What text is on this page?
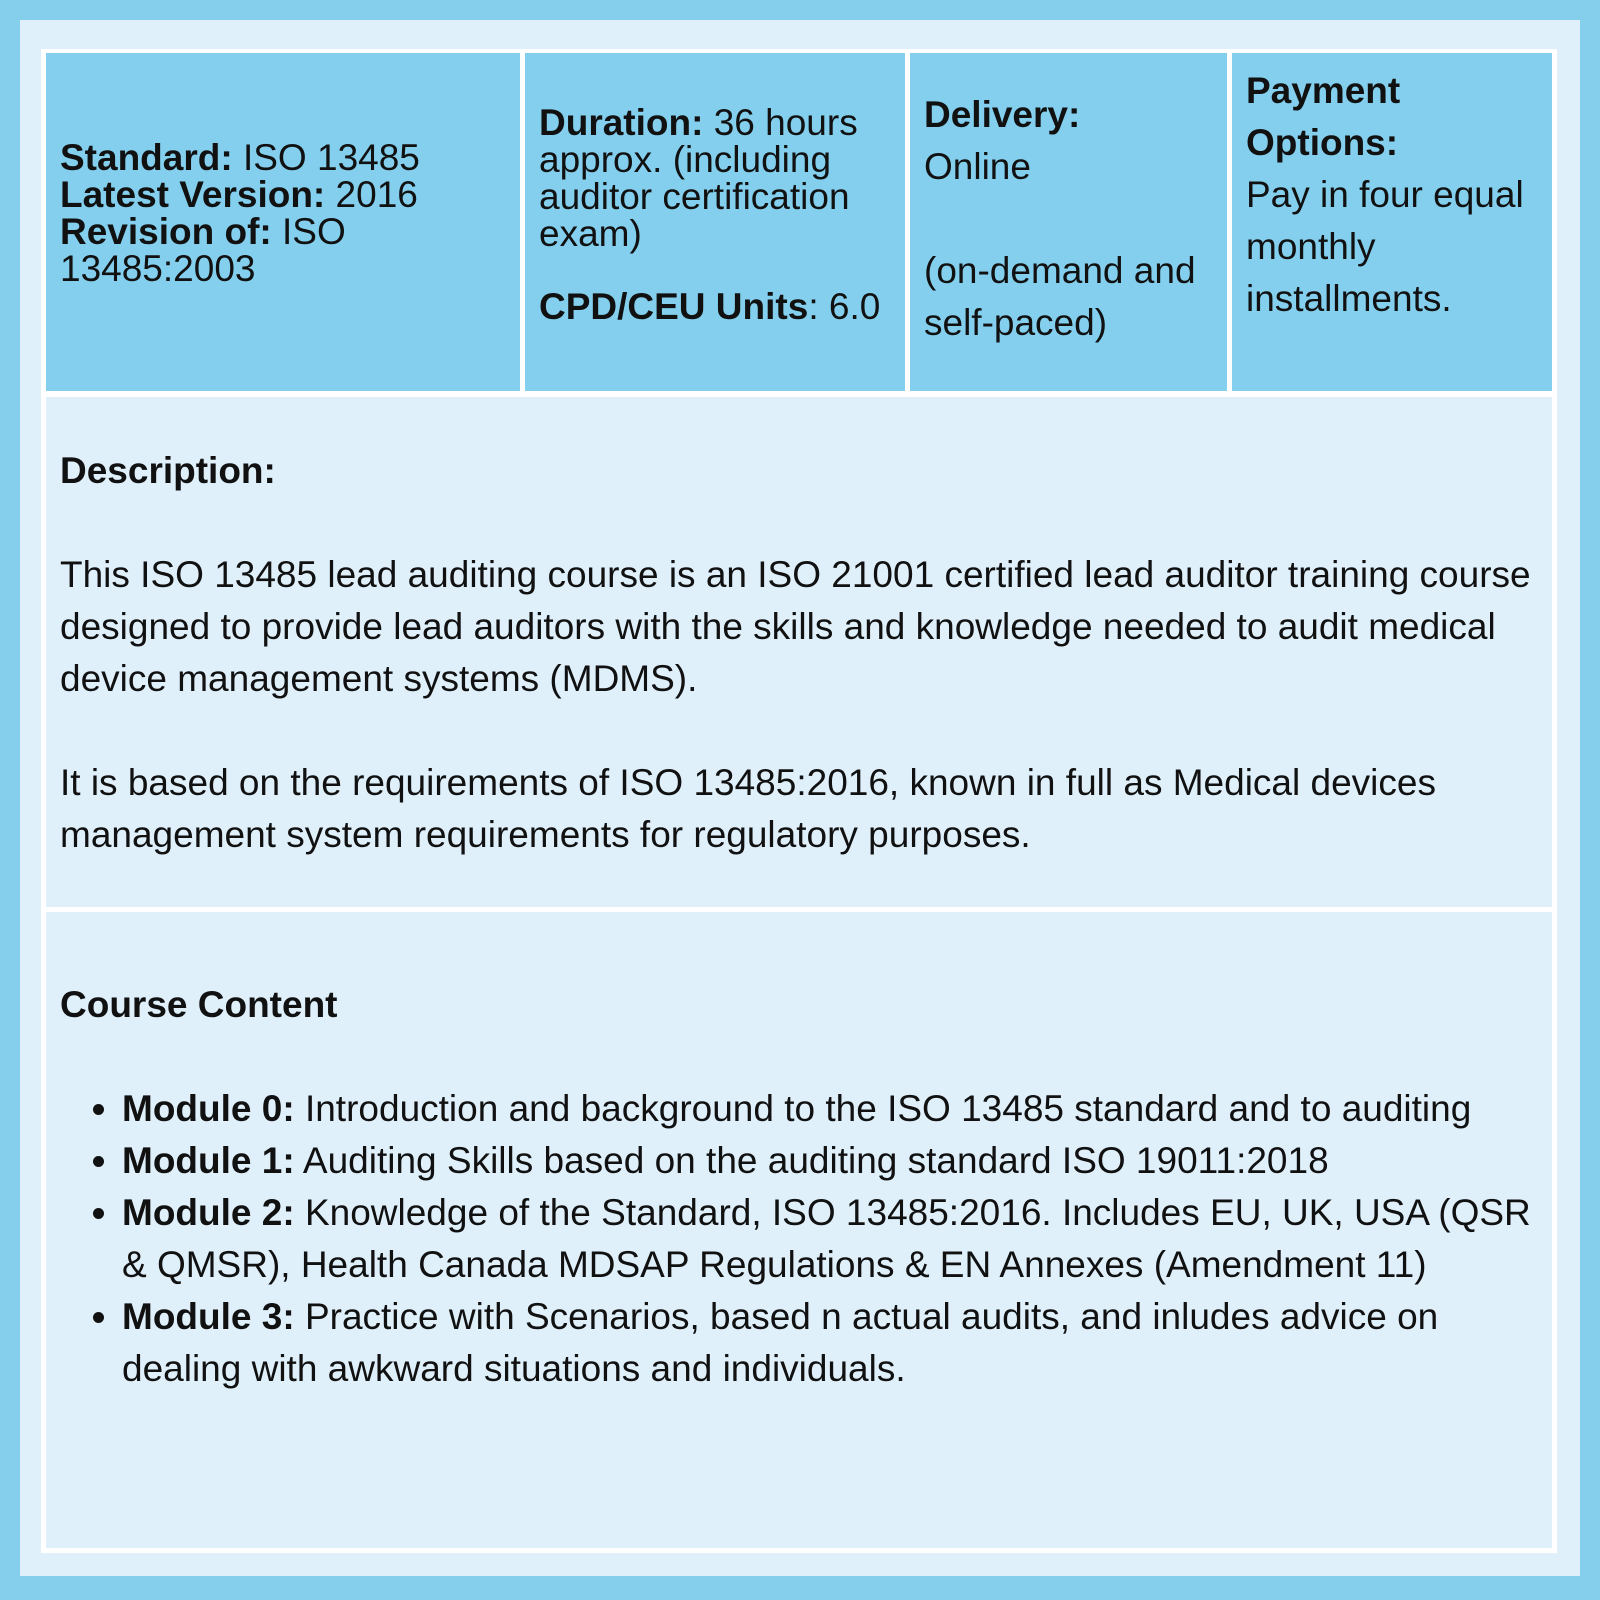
Standard: ISO 13485
Latest Version: 2016
Revision of: ISO 13485:2003
Duration: 36 hours approx. (including auditor certification exam)
CPD/CEU Units: 6.0
Delivery:
Online
(on-demand and self-paced)
Payment Options:
Pay in four equal monthly installments.
Description:

This ISO 13485 lead auditing course is an ISO 21001 certified lead auditor training course designed to provide lead auditors with the skills and knowledge needed to audit medical device management systems (MDMS).

It is based on the requirements of ISO 13485:2016, known in full as Medical devices management system requirements for regulatory purposes.

Course Content
• Module 0: Introduction and background to the ISO 13485 standard and to auditing
• Module 1: Auditing Skills based on the auditing standard ISO 19011:2018
• Module 2: Knowledge of the Standard, ISO 13485:2016. Includes EU, UK, USA (QSR & QMSR), Health Canada MDSAP Regulations & EN Annexes (Amendment 11)
• Module 3: Practice with Scenarios, based n actual audits, and inludes advice on dealing with awkward situations and individuals.
